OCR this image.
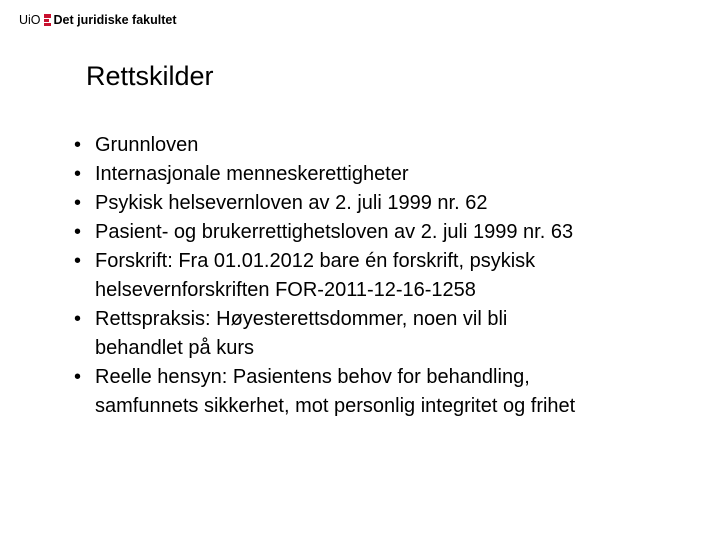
UiO Det juridiske fakultet
Rettskilder
• Grunnloven
• Internasjonale menneskerettigheter
• Psykisk helsevernloven av 2. juli 1999 nr. 62
• Pasient- og brukerrettighetsloven av 2. juli 1999 nr. 63
• Forskrift: Fra 01.01.2012 bare én forskrift, psykisk
helsevernforskriften FOR-2011-12-16-1258
• Rettspraksis: Høyesterettsdommer, noen vil bli
behandlet på kurs
• Reelle hensyn: Pasientens behov for behandling,
samfunnets sikkerhet, mot personlig integritet og frihet
